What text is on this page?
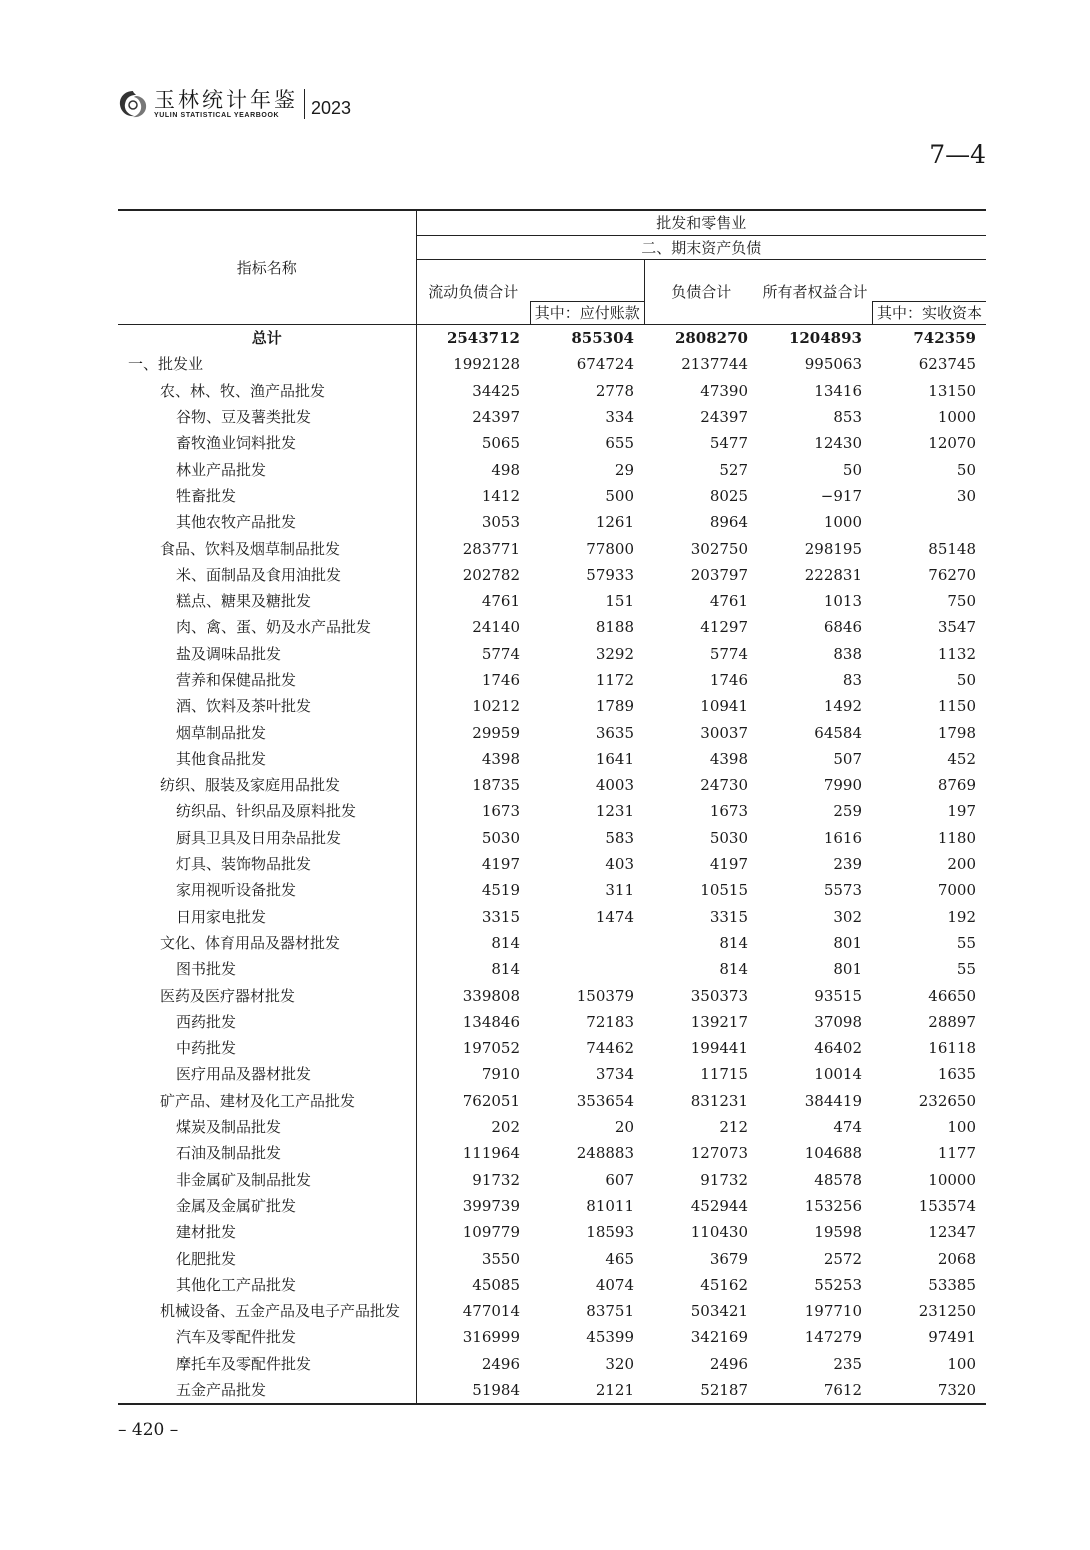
玉林统计年鉴
YULIN STATISTICAL YEARBOOK	2023
7—4
指标名称	批发和零售业				
	二、期末资产负债				
	流动负债合计	其中：应付账款	负债合计	所有者权益合计	其中：实收资本

总计	2543712	855304	2808270	1204893	742359
一、批发业	1992128	674724	2137744	995063	623745
农、林、牧、渔产品批发	34425	2778	47390	13416	13150
谷物、豆及薯类批发	24397	334	24397	853	1000
畜牧渔业饲料批发	5065	655	5477	12430	12070
林业产品批发	498	29	527	50	50
牲畜批发	1412	500	8025	−917	30
其他农牧产品批发	3053	1261	8964	1000	
食品、饮料及烟草制品批发	283771	77800	302750	298195	85148
米、面制品及食用油批发	202782	57933	203797	222831	76270
糕点、糖果及糖批发	4761	151	4761	1013	750
肉、禽、蛋、奶及水产品批发	24140	8188	41297	6846	3547
盐及调味品批发	5774	3292	5774	838	1132
营养和保健品批发	1746	1172	1746	83	50
酒、饮料及茶叶批发	10212	1789	10941	1492	1150
烟草制品批发	29959	3635	30037	64584	1798
其他食品批发	4398	1641	4398	507	452
纺织、服装及家庭用品批发	18735	4003	24730	7990	8769
纺织品、针织品及原料批发	1673	1231	1673	259	197
厨具卫具及日用杂品批发	5030	583	5030	1616	1180
灯具、装饰物品批发	4197	403	4197	239	200
家用视听设备批发	4519	311	10515	5573	7000
日用家电批发	3315	1474	3315	302	192
文化、体育用品及器材批发	814		814	801	55
图书批发	814		814	801	55
医药及医疗器材批发	339808	150379	350373	93515	46650
西药批发	134846	72183	139217	37098	28897
中药批发	197052	74462	199441	46402	16118
医疗用品及器材批发	7910	3734	11715	10014	1635
矿产品、建材及化工产品批发	762051	353654	831231	384419	232650
煤炭及制品批发	202	20	212	474	100
石油及制品批发	111964	248883	127073	104688	1177
非金属矿及制品批发	91732	607	91732	48578	10000
金属及金属矿批发	399739	81011	452944	153256	153574
建材批发	109779	18593	110430	19598	12347
化肥批发	3550	465	3679	2572	2068
其他化工产品批发	45085	4074	45162	55253	53385
机械设备、五金产品及电子产品批发	477014	83751	503421	197710	231250
汽车及零配件批发	316999	45399	342169	147279	97491
摩托车及零配件批发	2496	320	2496	235	100
五金产品批发	51984	2121	52187	7612	7320
– 420 –
